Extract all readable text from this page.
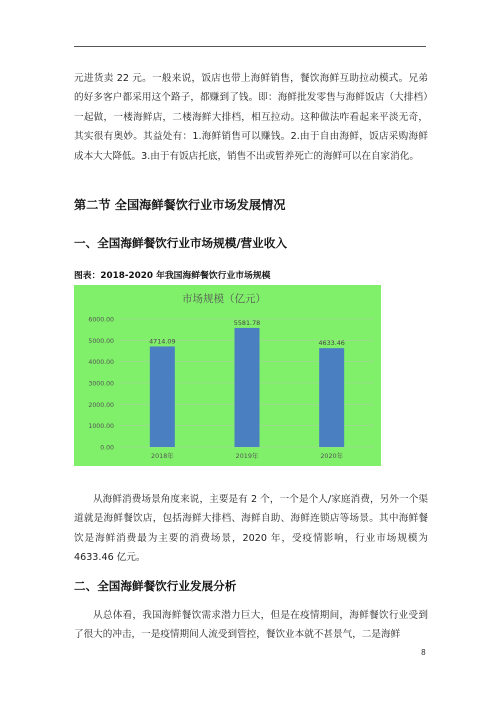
元进货卖 22 元。一般来说，饭店也带上海鲜销售，餐饮海鲜互助拉动模式。兄弟的好多客户都采用这个路子，都赚到了钱。即：海鲜批发零售与海鲜饭店（大排档）一起做，一楼海鲜店，二楼海鲜大排档，相互拉动。这种做法咋看起来平淡无奇，其实很有奥妙。其益处有：1.海鲜销售可以赚钱。2.由于自由海鲜，饭店采购海鲜成本大大降低。3.由于有饭店托底，销售不出或暂养死亡的海鲜可以在自家消化。
第二节 全国海鲜餐饮行业市场发展情况
一、全国海鲜餐饮行业市场规模/营业收入
图表：2018-2020 年我国海鲜餐饮行业市场规模
市场规模（亿元）
0.00
1000.00
2000.00
3000.00
4000.00
5000.00
6000.00
4714.09
2018年
5581.78
2019年
4633.46
2020年
从海鲜消费场景角度来说，主要是有 2 个，一个是个人/家庭消费，另外一个渠道就是海鲜餐饮店，包括海鲜大排档、海鲜自助、海鲜连锁店等场景。其中海鲜餐饮是海鲜消费最为主要的消费场景，2020 年，受疫情影响，行业市场规模为 4633.46 亿元。
二、全国海鲜餐饮行业发展分析
从总体看，我国海鲜餐饮需求潜力巨大，但是在疫情期间，海鲜餐饮行业受到了很大的冲击，一是疫情期间人流受到管控，餐饮业本就不甚景气，二是海鲜
8
